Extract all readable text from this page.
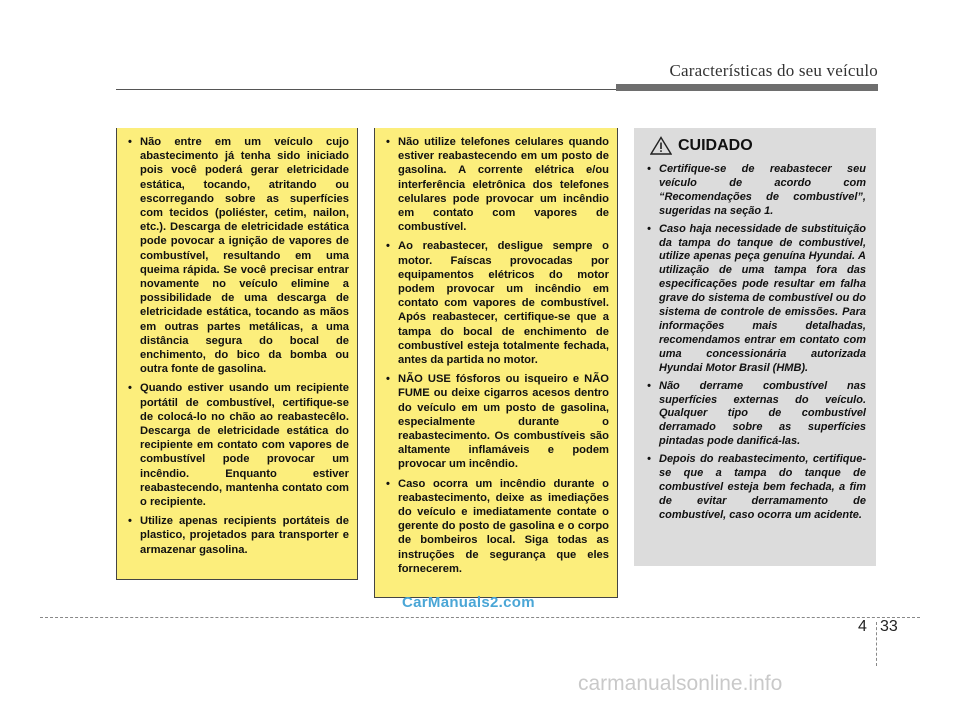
Características do seu veículo
• Não entre em um veículo cujo abastecimento já tenha sido iniciado pois você poderá gerar eletricidade estática, tocando, atritando ou escorregando sobre as superfícies com tecidos (poliéster, cetim, nailon, etc.). Descarga de eletricidade estática pode povocar a ignição de vapores de combustível, resultando em uma queima rápida. Se você precisar entrar novamente no veículo elimine a possibilidade de uma descarga de eletricidade estática, tocando as mãos em outras partes metálicas, a uma distância segura do bocal de enchimento, do bico da bomba ou outra fonte de gasolina.
• Quando estiver usando um recipiente portátil de combustível, certifique-se de colocá-lo no chão ao reabastecêlo. Descarga de eletricidade estática do recipiente em contato com vapores de combustível pode provocar um incêndio. Enquanto estiver reabastecendo, mantenha contato com o recipiente.
• Utilize apenas recipients portáteis de plastico, projetados para transporter e armazenar gasolina.
• Não utilize telefones celulares quando estiver reabastecendo em um posto de gasolina. A corrente elétrica e/ou interferência eletrônica dos telefones celulares pode provocar um incêndio em contato com vapores de combustível.
• Ao reabastecer, desligue sempre o motor. Faíscas provocadas por equipamentos elétricos do motor podem provocar um incêndio em contato com vapores de combustível. Após reabastecer, certifique-se que a tampa do bocal de enchimento de combustível esteja totalmente fechada, antes da partida no motor.
• NÃO USE fósforos ou isqueiro e NÃO FUME ou deixe cigarros acesos dentro do veículo em um posto de gasolina, especialmente durante o reabastecimento. Os combustíveis são altamente inflamáveis e podem provocar um incêndio.
• Caso ocorra um incêndio durante o reabastecimento, deixe as imediações do veículo e imediatamente contate o gerente do posto de gasolina e o corpo de bombeiros local. Siga todas as instruções de segurança que eles fornecerem.
CUIDADO
• Certifique-se de reabastecer seu veículo de acordo com “Recomendações de combustível”, sugeridas na seção 1.
• Caso haja necessidade de substituição da tampa do tanque de combustível, utilize apenas peça genuína Hyundai. A utilização de uma tampa fora das especificações pode resultar em falha grave do sistema de combustível ou do sistema de controle de emissões. Para informações mais detalhadas, recomendamos entrar em contato com uma concessionária autorizada Hyundai Motor Brasil (HMB).
• Não derrame combustível nas superfícies externas do veículo. Qualquer tipo de combustível derramado sobre as superfícies pintadas pode danificá-las.
• Depois do reabastecimento, certifique-se que a tampa do tanque de combustível esteja bem fechada, a fim de evitar derramamento de combustível, caso ocorra um acidente.
CarManuals2.com
4 33
carmanualsonline.info
